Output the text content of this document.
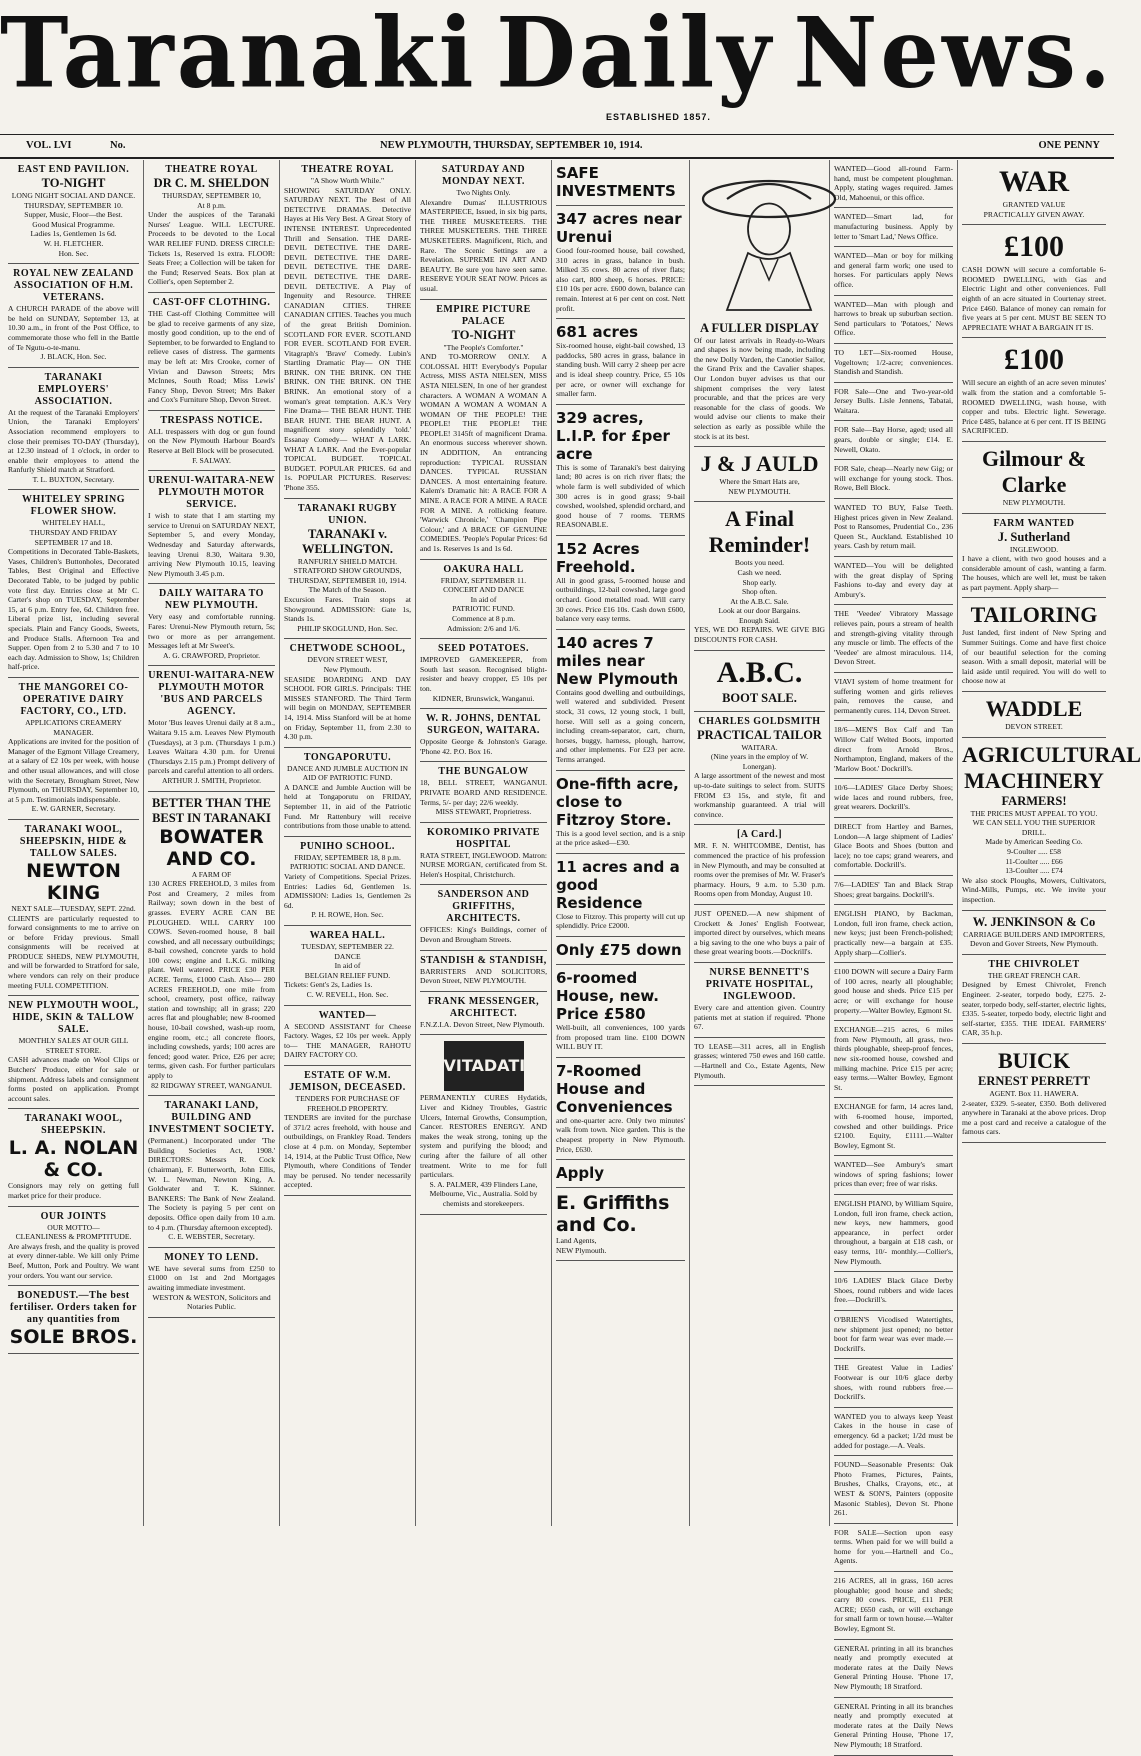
Taranaki Daily News.
ESTABLISHED 1857.
VOL. LVI	No.	NEW PLYMOUTH, THURSDAY, SEPTEMBER 10, 1914.	ONE PENNY
EAST END PAVILION.
TO-NIGHT
LONG NIGHT SOCIAL AND DANCE.
THURSDAY, SEPTEMBER 10.
Supper, Music, Floor—the Best.
Good Musical Programme.
Ladies 1s, Gentlemen 1s 6d.
W. H. FLETCHER.
Hon. Sec.
ROYAL NEW ZEALAND ASSOCIATION OF H.M. VETERANS.
A CHURCH PARADE of the above will be held on SUNDAY, September 13, at 10.30 a.m., in front of the Post Office, to commemorate those who fell in the Battle of Te Ngutu-o-te-manu.
J. BLACK, Hon. Sec.
TARANAKI EMPLOYERS' ASSOCIATION.
At the request of the Taranaki Employers' Union, the Taranaki Employers' Association recommend employers to close their premises TO-DAY (Thursday), at 12.30 instead of 1 o'clock, in order to enable their employees to attend the Ranfurly Shield match at Stratford.
T. L. BUXTON, Secretary.
WHITELEY SPRING FLOWER SHOW.
WHITELEY HALL,
THURSDAY AND FRIDAY
SEPTEMBER 17 and 18.
Competitions in Decorated Table-Baskets, Vases, Children's Buttonholes, Decorated Tables, Best Original and Effective Decorated Table, to be judged by public vote first day. Entries close at Mr C. Carter's shop on TUESDAY, September 15, at 6 p.m. Entry fee, 6d. Children free. Liberal prize list, including several specials. Plain and Fancy Goods, Sweets, and Produce Stalls. Afternoon Tea and Supper. Open from 2 to 5.30 and 7 to 10 each day. Admission to Show, 1s; Children half-price.
THE MANGOREI CO-OPERATIVE DAIRY FACTORY, CO., LTD.
APPLICATIONS CREAMERY MANAGER.
Applications are invited for the position of Manager of the Egmont Village Creamery, at a salary of £2 10s per week, with house and other usual allowances, and will close with the Secretary, Brougham Street, New Plymouth, on THURSDAY, September 10, at 5 p.m. Testimonials indispensable.
E. W. GARNER, Secretary.
TARANAKI WOOL, SHEEPSKIN, HIDE & TALLOW SALES.
NEWTON KING
NEXT SALE—TUESDAY, SEPT. 22nd.
CLIENTS are particularly requested to forward consignments to me to arrive on or before Friday previous. Small consignments will be received at PRODUCE SHEDS, NEW PLYMOUTH, and will be forwarded to Stratford for sale, where vendors can rely on their produce meeting FULL COMPETITION.
NEW PLYMOUTH WOOL, HIDE, SKIN & TALLOW SALE.
MONTHLY SALES AT OUR GILL STREET STORE.
CASH advances made on Wool Clips or Butchers' Produce, either for sale or shipment. Address labels and consignment forms posted on application. Prompt account sales.
TARANAKI WOOL, SHEEPSKIN.
L. A. NOLAN & CO.
Consignors may rely on getting full market price for their produce.
OUR JOINTS
OUR MOTTO—
CLEANLINESS & PROMPTITUDE.
Are always fresh, and the quality is proved at every dinner-table. We kill only Prime Beef, Mutton, Pork and Poultry. We want your orders. You want our service.
BONEDUST.—The best fertiliser. Orders taken for any quantities from
SOLE BROS.
THEATRE ROYAL
DR C. M. SHELDON
THURSDAY, SEPTEMBER 10,
At 8 p.m.
Under the auspices of the Taranaki Nurses' League. WILL LECTURE. Proceeds to be devoted to the Local WAR RELIEF FUND. DRESS CIRCLE: Tickets 1s, Reserved 1s extra. FLOOR: Seats Free; a Collection will be taken for the Fund; Reserved Seats. Box plan at Collier's, open September 2.
CAST-OFF CLOTHING.
THE Cast-off Clothing Committee will be glad to receive garments of any size, mostly good condition, up to the end of September, to be forwarded to England to relieve cases of distress. The garments may be left at: Mrs Crooke, corner of Vivian and Dawson Streets; Mrs McInnes, South Road; Miss Lewis' Fancy Shop, Devon Street; Mrs Baker and Cox's Furniture Shop, Devon Street.
TRESPASS NOTICE.
ALL trespassers with dog or gun found on the New Plymouth Harbour Board's Reserve at Bell Block will be prosecuted.
F. SALWAY.
URENUI-WAITARA-NEW PLYMOUTH MOTOR SERVICE.
I wish to state that I am starting my service to Urenui on SATURDAY NEXT, September 5, and every Monday, Wednesday and Saturday afterwards, leaving Urenui 8.30, Waitara 9.30, arriving New Plymouth 10.15, leaving New Plymouth 3.45 p.m.
DAILY WAITARA TO NEW PLYMOUTH.
Very easy and comfortable running. Fares: Urenui-New Plymouth return, 5s; two or more as per arrangement. Messages left at Mr Sweet's.
A. G. CRAWFORD, Proprietor.
URENUI-WAITARA-NEW PLYMOUTH MOTOR 'BUS AND PARCELS AGENCY.
Motor 'Bus leaves Urenui daily at 8 a.m., Waitara 9.15 a.m. Leaves New Plymouth (Tuesdays), at 3 p.m. (Thursdays 1 p.m.) Leaves Waitara 4.30 p.m. for Urenui (Thursdays 2.15 p.m.) Prompt delivery of parcels and careful attention to all orders.
ARTHUR J. SMITH, Proprietor.
BETTER THAN THE BEST IN TARANAKI
BOWATER AND CO.
A FARM OF
130 ACRES FREEHOLD, 3 miles from Post and Creamery, 2 miles from Railway; sown down in the best of grasses. EVERY ACRE CAN BE PLOUGHED. WILL CARRY 100 COWS. Seven-roomed house, 8 bail cowshed, and all necessary outbuildings; 8-bail cowshed, concrete yards to hold 100 cows; engine and L.K.G. milking plant. Well watered. PRICE £30 PER ACRE. Terms, £1000 Cash. Also— 280 ACRES FREEHOLD, one mile from school, creamery, post office, railway station and township; all in grass; 220 acres flat and ploughable; new 8-roomed house, 10-bail cowshed, wash-up room, engine room, etc.; all concrete floors, including cowsheds, yards; 100 acres are fenced; good water. Price, £26 per acre; terms, given cash. For further particulars apply to
82 RIDGWAY STREET, WANGANUI.
TARANAKI LAND, BUILDING AND INVESTMENT SOCIETY.
(Permanent.) Incorporated under 'The Building Societies Act, 1908.' DIRECTORS: Messrs R. Cock (chairman), F. Butterworth, John Ellis, W. L. Newman, Newton King, A. Goldwater and T. K. Skinner. BANKERS: The Bank of New Zealand. The Society is paying 5 per cent on deposits. Office open daily from 10 a.m. to 4 p.m. (Thursday afternoon excepted).
C. E. WEBSTER, Secretary.
MONEY TO LEND.
WE have several sums from £250 to £1000 on 1st and 2nd Mortgages awaiting immediate investment.
WESTON & WESTON, Solicitors and Notaries Public.
THEATRE ROYAL
"A Show Worth While."
SHOWING SATURDAY ONLY. SATURDAY NEXT. The Best of All DETECTIVE DRAMAS. Detective Hayes at His Very Best. A Great Story of INTENSE INTEREST. Unprecedented Thrill and Sensation. THE DARE-DEVIL DETECTIVE. THE DARE-DEVIL DETECTIVE. THE DARE-DEVIL DETECTIVE. THE DARE-DEVIL DETECTIVE. THE DARE-DEVIL DETECTIVE. A Play of Ingenuity and Resource. THREE CANADIAN CITIES. THREE CANADIAN CITIES. Teaches you much of the great British Dominion. SCOTLAND FOR EVER. SCOTLAND FOR EVER. SCOTLAND FOR EVER. Vitagraph's 'Brave' Comedy. Lubin's Startling Dramatic Play— ON THE BRINK. ON THE BRINK. ON THE BRINK. ON THE BRINK. ON THE BRINK. An emotional story of a woman's great temptation. A.K.'s Very Fine Drama— THE BEAR HUNT. THE BEAR HUNT. THE BEAR HUNT. A magnificent story splendidly 'told.' Essanay Comedy— WHAT A LARK. WHAT A LARK. And the Ever-popular TOPICAL BUDGET. TOPICAL BUDGET. POPULAR PRICES. 6d and 1s. POPULAR PICTURES. Reserves: 'Phone 355.
TARANAKI RUGBY UNION.
TARANAKI v. WELLINGTON.
RANFURLY SHIELD MATCH.
STRATFORD SHOW GROUNDS,
THURSDAY, SEPTEMBER 10, 1914.
The Match of the Season.
Excursion Fares. Train stops at Showground. ADMISSION: Gate 1s, Stands 1s.
PHILIP SKOGLUND, Hon. Sec.
CHETWODE SCHOOL,
DEVON STREET WEST,
New Plymouth.
SEASIDE BOARDING AND DAY SCHOOL FOR GIRLS. Principals: THE MISSES STANFORD. The Third Term will begin on MONDAY, SEPTEMBER 14, 1914. Miss Stanford will be at home on Friday, September 11, from 2.30 to 4.30 p.m.
TONGAPORUTU.
DANCE AND JUMBLE AUCTION IN AID OF PATRIOTIC FUND.
A DANCE and Jumble Auction will be held at Tongaporutu on FRIDAY, September 11, in aid of the Patriotic Fund. Mr Rattenbury will receive contributions from those unable to attend.
PUNIHO SCHOOL.
FRIDAY, SEPTEMBER 18, 8 p.m.
PATRIOTIC SOCIAL AND DANCE.
Variety of Competitions. Special Prizes. Entries: Ladies 6d, Gentlemen 1s. ADMISSION: Ladies 1s, Gentlemen 2s 6d.
P. H. ROWE, Hon. Sec.
WAREA HALL.
TUESDAY, SEPTEMBER 22.
DANCE
In aid of
BELGIAN RELIEF FUND.
Tickets: Gent's 2s, Ladies 1s.
C. W. REVELL, Hon. Sec.
WANTED—
A SECOND ASSISTANT for Cheese Factory. Wages, £2 10s per week. Apply to— THE MANAGER, RAHOTU DAIRY FACTORY CO.
ESTATE OF W.M. JEMISON, DECEASED.
TENDERS FOR PURCHASE OF FREEHOLD PROPERTY.
TENDERS are invited for the purchase of 371/2 acres freehold, with house and outbuildings, on Frankley Road. Tenders close at 4 p.m. on Monday, September 14, 1914, at the Public Trust Office, New Plymouth, where Conditions of Tender may be perused. No tender necessarily accepted.
SATURDAY AND MONDAY NEXT.
Two Nights Only.
Alexandre Dumas' ILLUSTRIOUS MASTERPIECE, Issued, in six big parts, THE THREE MUSKETEERS. THE THREE MUSKETEERS. THE THREE MUSKETEERS. Magnificent, Rich, and Rare. The Scenic Settings are a Revelation. SUPREME IN ART AND BEAUTY. Be sure you have seen same. RESERVE YOUR SEAT NOW. Prices as usual.
EMPIRE PICTURE PALACE
TO-NIGHT
"The People's Comforter."
AND TO-MORROW ONLY. A COLOSSAL HIT! Everybody's Popular Actress, MISS ASTA NIELSEN, MISS ASTA NIELSEN, In one of her grandest characters. A WOMAN A WOMAN A WOMAN A WOMAN A WOMAN A WOMAN OF THE PEOPLE! THE PEOPLE! THE PEOPLE! THE PEOPLE! 3145ft of magnificent Drama. An enormous success wherever shown. IN ADDITION, An entrancing reproduction: TYPICAL RUSSIAN DANCES. TYPICAL RUSSIAN DANCES. A most entertaining feature. Kalem's Dramatic hit: A RACE FOR A MINE. A RACE FOR A MINE. A RACE FOR A MINE. A rollicking feature. 'Warwick Chronicle,' 'Champion Pipe Colour,' and A BRACE OF GENUINE COMEDIES. 'People's Popular Prices: 6d and 1s. Reserves 1s and 1s 6d.
OAKURA HALL
FRIDAY, SEPTEMBER 11.
CONCERT AND DANCE
In aid of
PATRIOTIC FUND.
Commence at 8 p.m.
Admission: 2/6 and 1/6.
SEED POTATOES.
IMPROVED GAMEKEEPER, from South last season. Recognised blight-resister and heavy cropper, £5 10s per ton.
KIDNER, Brunswick, Wanganui.
W. R. JOHNS, DENTAL SURGEON, WAITARA.
Opposite George & Johnston's Garage. 'Phone 42. P.O. Box 16.
THE BUNGALOW
18, BELL STREET, WANGANUI. PRIVATE BOARD AND RESIDENCE. Terms, 5/- per day; 22/6 weekly.
MISS STEWART, Proprietress.
KOROMIKO PRIVATE HOSPITAL
RATA STREET, INGLEWOOD. Matron: NURSE MORGAN, certificated from St. Helen's Hospital, Christchurch.
SANDERSON AND GRIFFITHS, ARCHITECTS.
OFFICES: King's Buildings, corner of Devon and Brougham Streets.
STANDISH & STANDISH,
BARRISTERS AND SOLICITORS, Devon Street, NEW PLYMOUTH.
FRANK MESSENGER, ARCHITECT.
F.N.Z.I.A. Devon Street, New Plymouth.
VITADATIO
PERMANENTLY CURES Hydatids, Liver and Kidney Troubles, Gastric Ulcers, Internal Growths, Consumption, Cancer. RESTORES ENERGY. AND makes the weak strong, toning up the system and purifying the blood; and curing after the failure of all other treatment. Write to me for full particulars.
S. A. PALMER, 439 Flinders Lane, Melbourne, Vic., Australia. Sold by chemists and storekeepers.
SAFE INVESTMENTS
347 acres near Urenui
Good four-roomed house, bail cowshed, 310 acres in grass, balance in bush. Milked 35 cows. 80 acres of river flats; also cart, 800 sheep, 6 horses. PRICE: £10 10s per acre. £600 down, balance can remain. Interest at 6 per cent on cost. Nett profit.
681 acres
Six-roomed house, eight-bail cowshed, 13 paddocks, 580 acres in grass, balance in standing bush. Will carry 2 sheep per acre and is ideal sheep country. Price, £5 10s per acre, or owner will exchange for smaller farm.
329 acres, L.I.P. for £per acre
This is some of Taranaki's best dairying land; 80 acres is on rich river flats; the whole farm is well subdivided of which 300 acres is in good grass; 9-bail cowshed, woolshed, splendid orchard, and good house of 7 rooms. TERMS REASONABLE.
152 Acres Freehold.
All in good grass, 5-roomed house and outbuildings, 12-bail cowshed, large good orchard. Good metalled road. Will carry 30 cows. Price £16 10s. Cash down £600, balance very easy terms.
140 acres 7 miles near New Plymouth
Contains good dwelling and outbuildings, well watered and subdivided. Present stock, 31 cows, 12 young stock, 1 bull, horse. Will sell as a going concern, including cream-separator, cart, churn, horses, buggy, harness, plough, harrow, and other implements. For £23 per acre. Terms arranged.
One-fifth acre, close to Fitzroy Store.
This is a good level section, and is a snip at the price asked—£30.
11 acres and a good Residence
Close to Fitzroy. This property will cut up splendidly. Price £2000.
Only £75 down
6-roomed House, new. Price £580
Well-built, all conveniences, 100 yards from proposed tram line. £100 DOWN WILL BUY IT.
7-Roomed House and Conveniences
and one-quarter acre. Only two minutes' walk from town. Nice garden. This is the cheapest property in New Plymouth. Price, £630.
Apply
E. Griffiths and Co.
Land Agents,
NEW Plymouth.
A FULLER DISPLAY
Of our latest arrivals in Ready-to-Wears and shapes is now being made, including the new Dolly Varden, the Canotier Sailor, the Grand Prix and the Cavalier shapes. Our London buyer advises us that our shipment comprises the very latest procurable, and that the prices are very reasonable for the class of goods. We would advise our clients to make their selection as early as possible while the stock is at its best.
J & J AULD
Where the Smart Hats are,
NEW PLYMOUTH.
A Final Reminder!
Boots you need.
Cash we need.
Shop early.
Shop often.
At the A.B.C. Sale.
Look at our door Bargains.
Enough Said.
YES, WE DO REPAIRS. WE GIVE BIG DISCOUNTS FOR CASH.
A.B.C.
BOOT SALE.
CHARLES GOLDSMITH
PRACTICAL TAILOR
WAITARA.
(Nine years in the employ of W. Lonergan).
A large assortment of the newest and most up-to-date suitings to select from. SUITS FROM £3 15s, and style, fit and workmanship guaranteed. A trial will convince.
[A Card.]
MR. F. N. WHITCOMBE, Dentist, has commenced the practice of his profession in New Plymouth, and may be consulted at rooms over the premises of Mr. W. Fraser's pharmacy. Hours, 9 a.m. to 5.30 p.m. Rooms open from Monday, August 10.
JUST OPENED.—A new shipment of Crockett & Jones' English Footwear, imported direct by ourselves, which means a big saving to the one who buys a pair of these great wearing boots.—Dockrill's.
NURSE BENNETT'S PRIVATE HOSPITAL, INGLEWOOD.
Every care and attention given. Country patients met at station if required. 'Phone 67.
TO LEASE—311 acres, all in English grasses; wintered 750 ewes and 160 cattle.—Hartnell and Co., Estate Agents, New Plymouth.
WANTED—Good all-round Farm-hand, must be competent ploughman. Apply, stating wages required. James Old, Mahoenui, or this office.
WANTED—Smart lad, for manufacturing business. Apply by letter to 'Smart Lad,' News Office.
WANTED—Man or boy for milking and general farm work; one used to horses. For particulars apply News office.
WANTED—Man with plough and harrows to break up suburban section. Send particulars to 'Potatoes,' News Office.
TO LET—Six-roomed House, Vogeltown; 1/2-acre; conveniences. Standish and Standish.
FOR Sale—One and Two-year-old Jersey Bulls. Lisle Jennens, Tabatai, Waitara.
FOR Sale—Bay Horse, aged; used all gears, double or single; £14. E. Newell, Okato.
FOR Sale, cheap—Nearly new Gig; or will exchange for young stock. Thos. Rowe, Bell Block.
WANTED TO BUY, False Teeth. Highest prices given in New Zealand. Post to Ransomes, Prudential Co., 236 Queen St., Auckland. Established 10 years. Cash by return mail.
WANTED—You will be delighted with the great display of Spring Fashions to-day and every day at Ambury's.
THE 'Veedee' Vibratory Massage relieves pain, pours a stream of health and strength-giving vitality through any muscle or limb. The effects of the 'Veedee' are almost miraculous. 114, Devon Street.
VIAVI system of home treatment for suffering women and girls relieves pain, removes the cause, and permanently cures. 114, Devon Street.
18/6—MEN'S Box Calf and Tan Willow Calf Welted Boots, imported direct from Arnold Bros., Northampton, England, makers of the 'Marlow Boot.' Dockrill's.
10/6—LADIES' Glace Derby Shoes; wide laces and round rubbers, free, great wearers. Dockrill's.
DIRECT from Hartley and Barnes, London—A large shipment of Ladies' Glace Boots and Shoes (button and lace); no toe caps; grand wearers, and comfortable. Dockrill's.
7/6—LADIES' Tan and Black Strap Shoes; great bargains. Dockrill's.
ENGLISH PIANO, by Backman, London, full iron frame, check action, new keys; just been French-polished; practically new—a bargain at £35. Apply sharp—Collier's.
£100 DOWN will secure a Dairy Farm of 100 acres, nearly all ploughable; good house and sheds. Price £15 per acre; or will exchange for house property.—Walter Bowley, Egmont St.
EXCHANGE—215 acres, 6 miles from New Plymouth, all grass, two-thirds ploughable, sheep-proof fences, new six-roomed house, cowshed and milking machine. Price £15 per acre; easy terms.—Walter Bowley, Egmont St.
EXCHANGE for farm, 14 acres land, with 6-roomed house, imported, cowshed and other buildings. Price £2100. Equity, £1111.—Walter Bowley, Egmont St.
WANTED—See Ambury's smart windows of spring fashions; lower prices than ever; free of war risks.
ENGLISH PIANO, by William Squire, London, full iron frame, check action, new keys, new hammers, good appearance, in perfect order throughout, a bargain at £18 cash, or easy terms, 10/- monthly.—Collier's, New Plymouth.
10/6 LADIES' Black Glace Derby Shoes, round rubbers and wide laces free.—Dockrill's.
O'BRIEN'S Vicodised Watertights, new shipment just opened; no better boot for farm wear was ever made.—Dockrill's.
THE Greatest Value in Ladies' Footwear is our 10/6 glace derby shoes, with round rubbers free.—Dockrill's.
WANTED you to always keep Yeast Cakes in the house in case of emergency. 6d a packet; 1/2d must be added for postage.—A. Veals.
FOUND—Seasonable Presents: Oak Photo Frames, Pictures, Paints, Brushes, Chalks, Crayons, etc., at WEST & SON'S, Painters (opposite Masonic Stables), Devon St. Phone 261.
FOR SALE—Section upon easy terms. When paid for we will build a home for you.—Hartnell and Co., Agents.
216 ACRES, all in grass, 160 acres ploughable; good house and sheds; carry 80 cows. PRICE, £11 PER ACRE; £650 cash, or will exchange for small farm or town house.—Walter Bowley, Egmont St.
GENERAL printing in all its branches neatly and promptly executed at moderate rates at the Daily News General Printing House. 'Phone 17, New Plymouth; 18 Stratford.
GENERAL Printing in all its branches neatly and promptly executed at moderate rates at the Daily News General Printing House, 'Phone 17, New Plymouth; 18 Stratford.
WAR
GRANTED VALUE
PRACTICALLY GIVEN AWAY.
£100
CASH DOWN will secure a comfortable 6-ROOMED DWELLING, with Gas and Electric Light and other conveniences. Full eighth of an acre situated in Courtenay street. Price £460. Balance of money can remain for five years at 5 per cent. MUST BE SEEN TO APPRECIATE WHAT A BARGAIN IT IS.
£100
Will secure an eighth of an acre seven minutes' walk from the station and a comfortable 5-ROOMED DWELLING, wash house, with copper and tubs. Electric light. Sewerage. Price £485, balance at 6 per cent. IT IS BEING SACRIFICED.
Gilmour & Clarke
NEW PLYMOUTH.
FARM WANTED
J. Sutherland
INGLEWOOD.
I have a client, with two good houses and a considerable amount of cash, wanting a farm. The houses, which are well let, must be taken as part payment. Apply sharp—
TAILORING
Just landed, first indent of New Spring and Summer Suitings. Come and have first choice of our beautiful selection for the coming season. With a small deposit, material will be laid aside until required. You will do well to choose now at
WADDLE
DEVON STREET.
AGRICULTURAL MACHINERY
FARMERS!
THE PRICES MUST APPEAL TO YOU.
WE CAN SELL YOU THE SUPERIOR DRILL.
Made by American Seeding Co.
9-Coulter ..... £58
11-Coulter ..... £66
13-Coulter ..... £74
We also stock Ploughs, Mowers, Cultivators, Wind-Mills, Pumps, etc. We invite your inspection.
W. JENKINSON & Co
CARRIAGE BUILDERS AND IMPORTERS,
Devon and Gover Streets, New Plymouth.
THE CHIVROLET
THE GREAT FRENCH CAR.
Designed by Ernest Chivrolet, French Engineer. 2-seater, torpedo body, £275. 2-seater, torpedo body, self-starter, electric lights, £335. 5-seater, torpedo body, electric light and self-starter, £355. THE IDEAL FARMERS' CAR, 35 h.p.
BUICK
ERNEST PERRETT
AGENT. Box 11. HAWERA.
2-seater, £329. 5-seater, £350. Both delivered anywhere in Taranaki at the above prices. Drop me a post card and receive a catalogue of the famous cars.
